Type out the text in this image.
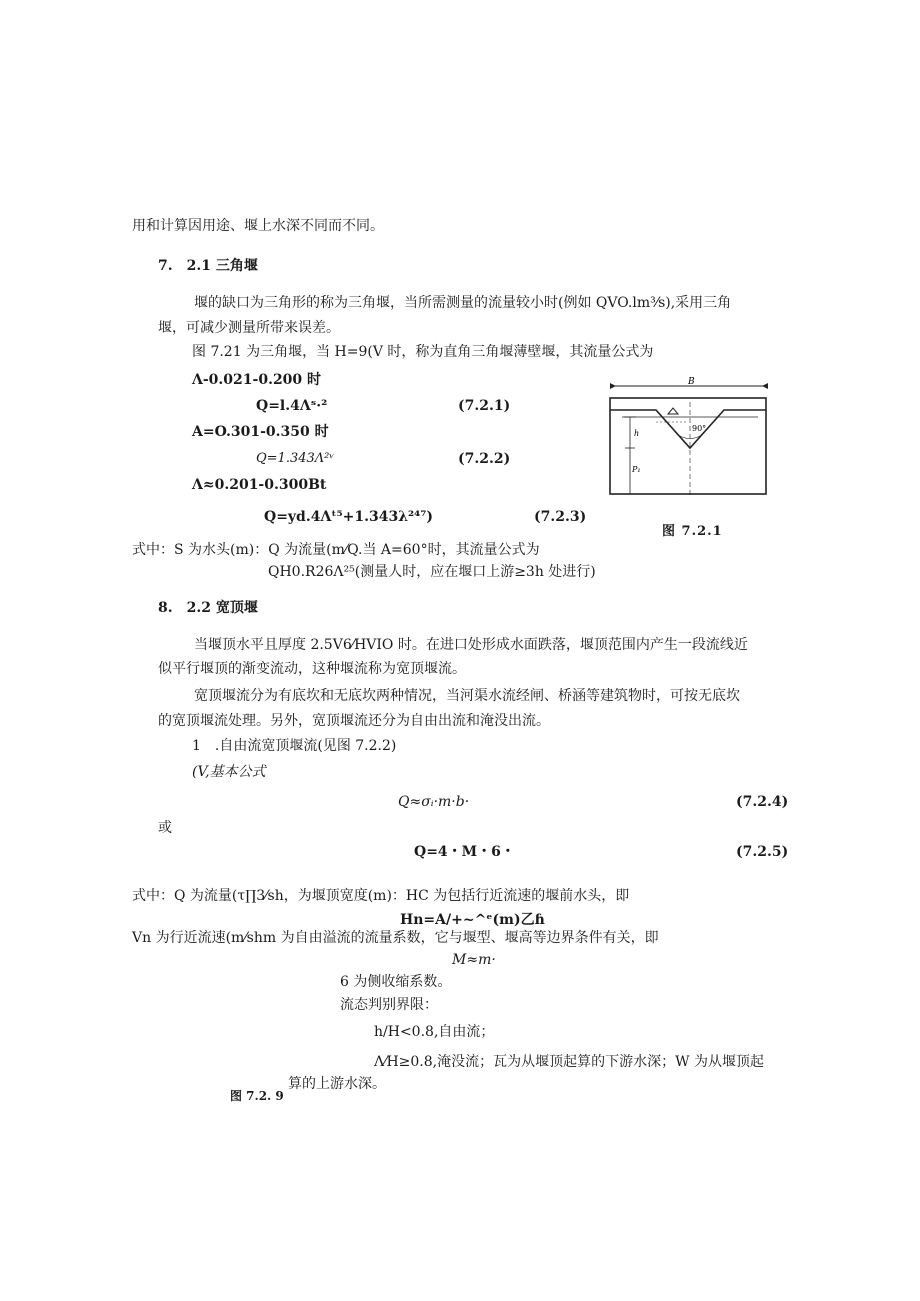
用和计算因用途、堰上水深不同而不同。
7.　2.1 三角堰
堰的缺口为三角形的称为三角堰，当所需测量的流量较小时(例如 QVO.lm³⁄s),采用三角
堰，可减少测量所带来误差。
图 7.21 为三角堰，当 H=9(V 时，称为直角三角堰薄壁堰，其流量公式为
Λ-0.021-0.200 时
Q=l.4Λˢ·²	(7.2.1)
A=O.301-0.350 时
Q=1.343Λ²ᵛ	(7.2.2)
Λ≈0.201-0.300Bt
Q=yd.4Λᵗ⁵+1.343λ²⁴⁷)	(7.2.3)
B
h
P₁
90°
图 7.2.1
式中：S 为水头(m)：Q 为流量(m⁄Q.当 A=60°时，其流量公式为
QH0.R26Λ²⁵(测量人时，应在堰口上游≥3h 处进行)
8.　2.2 宽顶堰
当堰顶水平且厚度 2.5V6⁄HVIO 时。在进口处形成水面跌落，堰顶范围内产生一段流线近
似平行堰顶的渐变流动，这种堰流称为宽顶堰流。
宽顶堰流分为有底坎和无底坎两种情况，当河渠水流经闸、桥涵等建筑物时，可按无底坎
的宽顶堰流处理。另外，宽顶堰流还分为自由出流和淹没出流。
1　.自由流宽顶堰流(见图 7.2.2)
(V,基本公式
Q≈σᵢ·m·b·	(7.2.4)
或
Q=4・M・6・	(7.2.5)
式中：Q 为流量(τ∏3⁄sh，为堰顶宽度(m)：HC 为包括行近流速的堰前水头，即
Hn=A/+~^ᵉ(m)乙ɦ
Vn 为行近流速(m⁄shm 为自由溢流的流量系数，它与堰型、堰高等边界条件有关，即
M≈m·
6 为侧收缩系数。
流态判别界限：
h/H<0.8,自由流；
Λ⁄H≥0.8,淹没流；瓦为从堰顶起算的下游水深；W 为从堰顶起
算的上游水深。
图 7.2. 9
